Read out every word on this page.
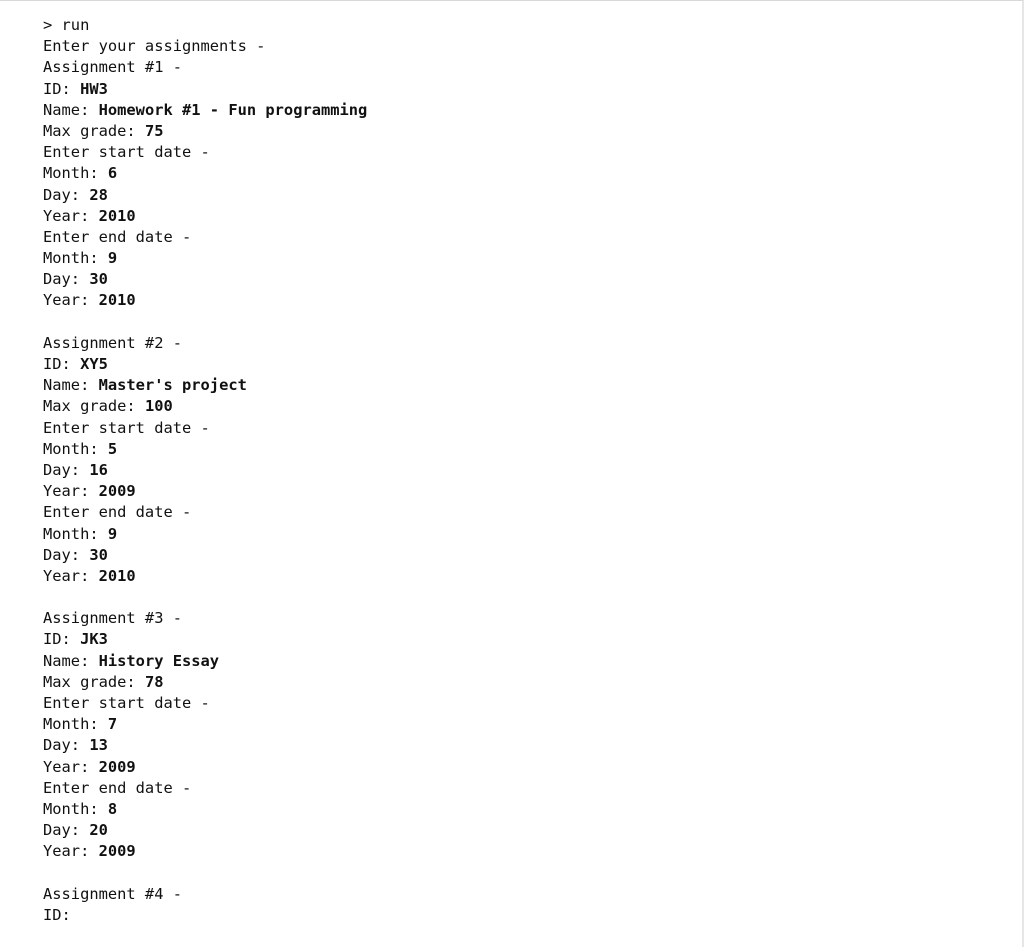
> run
Enter your assignments -
Assignment #1 -
ID: HW3
Name: Homework #1 - Fun programming
Max grade: 75
Enter start date -
Month: 6
Day: 28
Year: 2010
Enter end date -
Month: 9
Day: 30
Year: 2010
Assignment #2 -
ID: XY5
Name: Master's project
Max grade: 100
Enter start date -
Month: 5
Day: 16
Year: 2009
Enter end date -
Month: 9
Day: 30
Year: 2010
Assignment #3 -
ID: JK3
Name: History Essay
Max grade: 78
Enter start date -
Month: 7
Day: 13
Year: 2009
Enter end date -
Month: 8
Day: 20
Year: 2009
Assignment #4 -
ID:
